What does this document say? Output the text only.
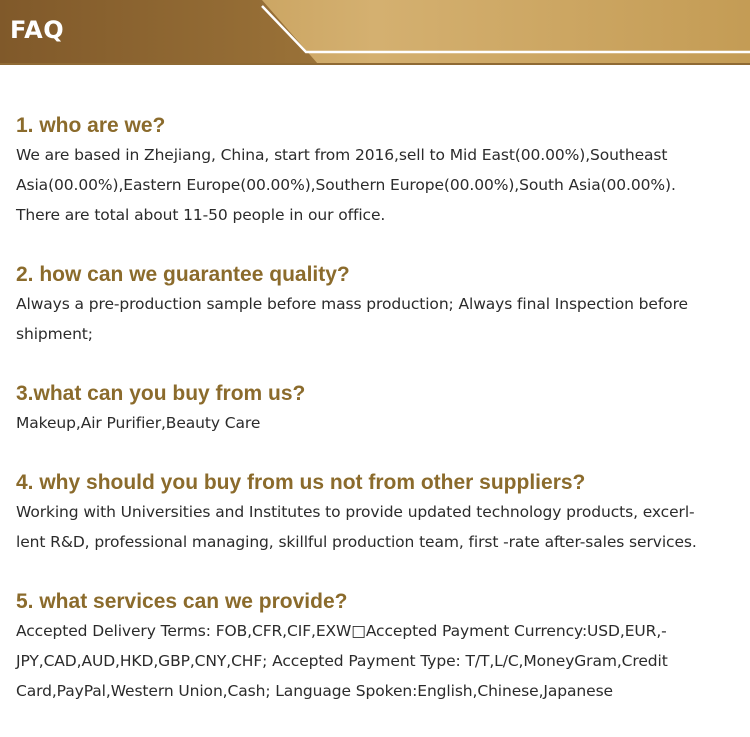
FAQ
1. who are we?

We are based in Zhejiang, China, start from 2016,sell to Mid East(00.00%),Southeast

Asia(00.00%),Eastern Europe(00.00%),Southern Europe(00.00%),South Asia(00.00%).

There are total about 11-50 people in our office.

2. how can we guarantee quality?

Always a pre-production sample before mass production; Always final Inspection before

shipment;

3.what can you buy from us?

Makeup,Air Purifier,Beauty Care

4. why should you buy from us not from other suppliers?

Working with Universities and Institutes to provide updated technology products, excerl-

lent R&D, professional managing, skillful production team, first -rate after-sales services.

5. what services can we provide?

Accepted Delivery Terms: FOB,CFR,CIF,EXW□Accepted Payment Currency:USD,EUR,-

JPY,CAD,AUD,HKD,GBP,CNY,CHF; Accepted Payment Type: T/T,L/C,MoneyGram,Credit

Card,PayPal,Western Union,Cash; Language Spoken:English,Chinese,Japanese
